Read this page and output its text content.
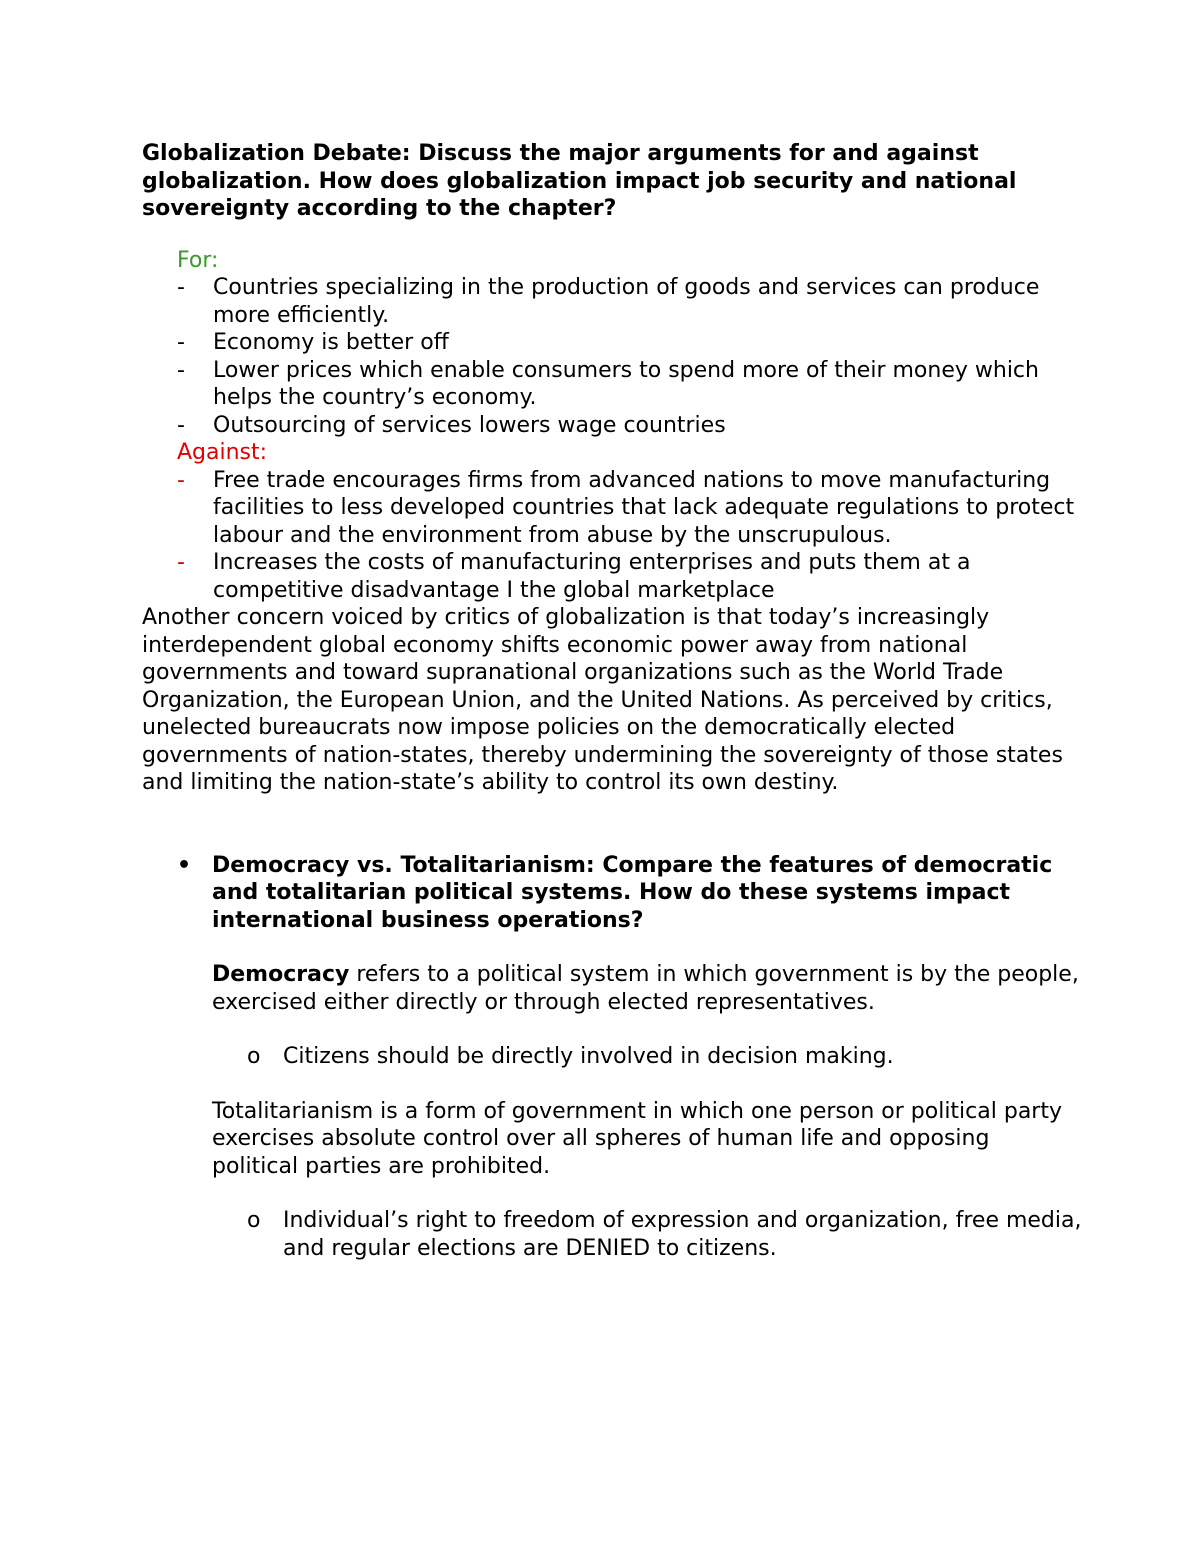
Globalization Debate: Discuss the major arguments for and against globalization. How does globalization impact job security and national sovereignty according to the chapter?

For:

- Countries specializing in the production of goods and services can produce more efficiently.
- Economy is better off
- Lower prices which enable consumers to spend more of their money which helps the country’s economy.
- Outsourcing of services lowers wage countries

Against:

- Free trade encourages firms from advanced nations to move manufacturing facilities to less developed countries that lack adequate regulations to protect labour and the environment from abuse by the unscrupulous.
- Increases the costs of manufacturing enterprises and puts them at a competitive disadvantage I the global marketplace

Another concern voiced by critics of globalization is that today’s increasingly interdependent global economy shifts economic power away from national governments and toward supranational organizations such as the World Trade Organization, the European Union, and the United Nations. As perceived by critics, unelected bureaucrats now impose policies on the democratically elected governments of nation-states, thereby undermining the sovereignty of those states and limiting the nation-state’s ability to control its own destiny.

• Democracy vs. Totalitarianism: Compare the features of democratic and totalitarian political systems. How do these systems impact international business operations?

Democracy refers to a political system in which government is by the people, exercised either directly or through elected representatives.

o Citizens should be directly involved in decision making.

Totalitarianism is a form of government in which one person or political party exercises absolute control over all spheres of human life and opposing political parties are prohibited.

o Individual’s right to freedom of expression and organization, free media, and regular elections are DENIED to citizens.
